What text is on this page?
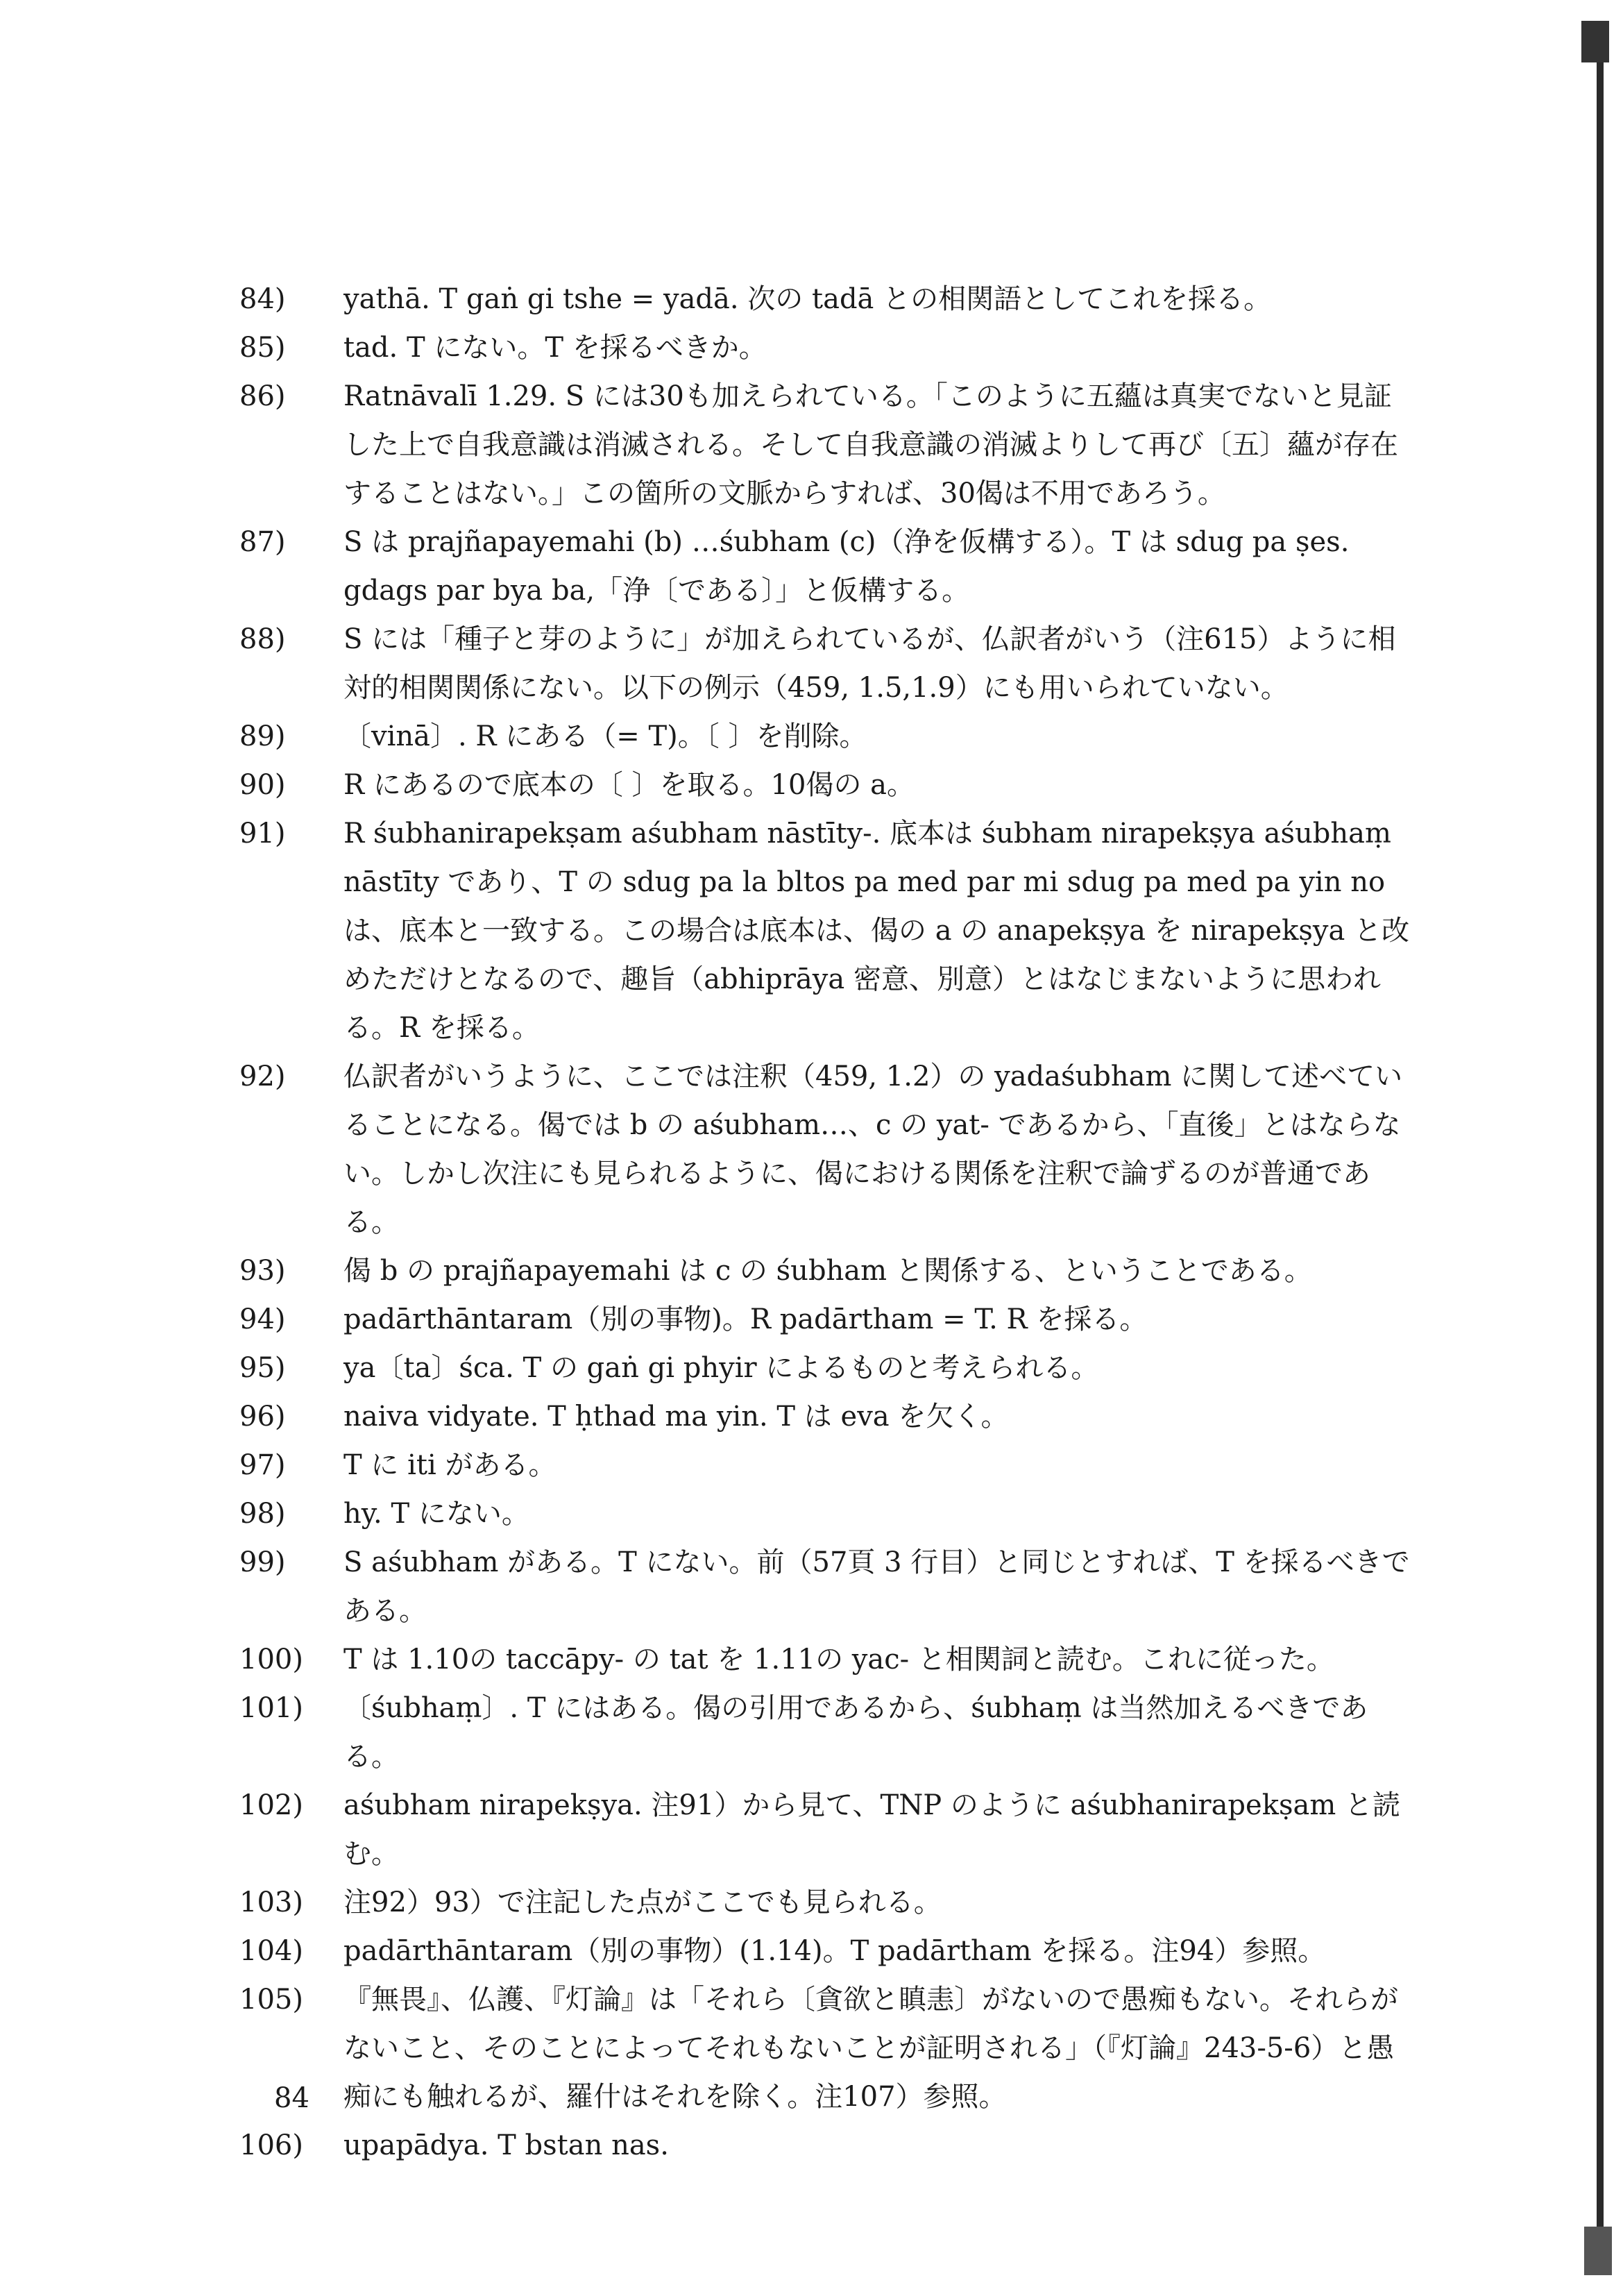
84)	yathā. T gaṅ gi tshe = yadā. 次の tadā との相関語としてこれを採る。
85)	tad. T にない。T を採るべきか。
86)	Ratnāvalī 1.29. S には30も加えられている。「このように五蘊は真実でないと見証した上で自我意識は消滅される。そして自我意識の消滅よりして再び〔五〕蘊が存在することはない。」この箇所の文脈からすれば、30偈は不用であろう。
87)	S は prajñapayemahi (b) …śubham (c)（浄を仮構する）。T は sdug pa ṣes. gdags par bya ba,「浄〔である〕」と仮構する。
88)	S には「種子と芽のように」が加えられているが、仏訳者がいう（注615）ように相対的相関関係にない。以下の例示（459, 1.5,1.9）にも用いられていない。
89)	〔vinā〕. R にある（= T)。〔 〕を削除。
90)	R にあるので底本の〔 〕を取る。10偈の a。
91)	R śubhanirapekṣam aśubham nāstīty-. 底本は śubham nirapekṣya aśubhaṃ nāstīty であり、T の sdug pa la bltos pa med par mi sdug pa med pa yin no は、底本と一致する。この場合は底本は、偈の a の anapekṣya を nirapekṣya と改めただけとなるので、趣旨（abhiprāya 密意、別意）とはなじまないように思われる。R を採る。
92)	仏訳者がいうように、ここでは注釈（459, 1.2）の yadaśubham に関して述べていることになる。偈では b の aśubham…、c の yat- であるから、「直後」とはならない。しかし次注にも見られるように、偈における関係を注釈で論ずるのが普通である。
93)	偈 b の prajñapayemahi は c の śubham と関係する、ということである。
94)	padārthāntaram（別の事物)。R padārtham = T. R を採る。
95)	ya〔ta〕śca. T の gaṅ gi phyir によるものと考えられる。
96)	naiva vidyate. T ḥthad ma yin. T は eva を欠く。
97)	T に iti がある。
98)	hy. T にない。
99)	S aśubham がある。T にない。前（57頁 3 行目）と同じとすれば、T を採るべきである。
100)	T は 1.10の taccāpy- の tat を 1.11の yac- と相関詞と読む。これに従った。
101)	〔śubhaṃ〕. T にはある。偈の引用であるから、śubhaṃ は当然加えるべきである。
102)	aśubham nirapekṣya. 注91）から見て、TNP のように aśubhanirapekṣam と読む。
103)	注92）93）で注記した点がここでも見られる。
104)	padārthāntaram（別の事物）(1.14)。T padārtham を採る。注94）参照。
105)	『無畏』、仏護、『灯論』は「それら〔貪欲と瞋恚〕がないので愚痴もない。それらがないこと、そのことによってそれもないことが証明される」（『灯論』243-5-6）と愚痴にも触れるが、羅什はそれを除く。注107）参照。
106)	upapādya. T bstan nas.
84
